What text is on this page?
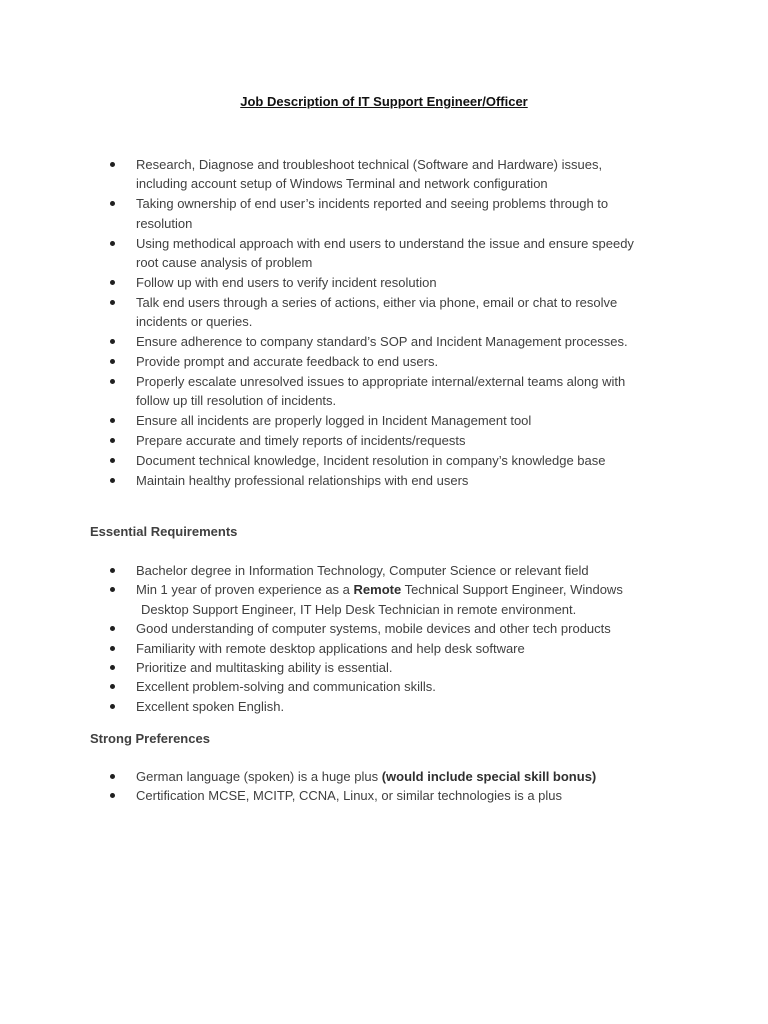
Job Description of IT Support Engineer/Officer
Research, Diagnose and troubleshoot technical (Software and Hardware) issues,
including account setup of Windows Terminal and network configuration
Taking ownership of end user’s incidents reported and seeing problems through to
resolution
Using methodical approach with end users to understand the issue and ensure speedy
root cause analysis of problem
Follow up with end users to verify incident resolution
Talk end users through a series of actions, either via phone, email or chat to resolve
incidents or queries.
Ensure adherence to company standard’s SOP and Incident Management processes.
Provide prompt and accurate feedback to end users.
Properly escalate unresolved issues to appropriate internal/external teams along with
follow up till resolution of incidents.
Ensure all incidents are properly logged in Incident Management tool
Prepare accurate and timely reports of incidents/requests
Document technical knowledge, Incident resolution in company’s knowledge base
Maintain healthy professional relationships with end users
Essential Requirements
Bachelor degree in Information Technology, Computer Science or relevant field
Min 1 year of proven experience as a Remote Technical Support Engineer, Windows
Desktop Support Engineer, IT Help Desk Technician in remote environment.
Good understanding of computer systems, mobile devices and other tech products
Familiarity with remote desktop applications and help desk software
Prioritize and multitasking ability is essential.
Excellent problem-solving and communication skills.
Excellent spoken English.
Strong Preferences
German language (spoken) is a huge plus (would include special skill bonus)
Certification MCSE, MCITP, CCNA, Linux, or similar technologies is a plus
